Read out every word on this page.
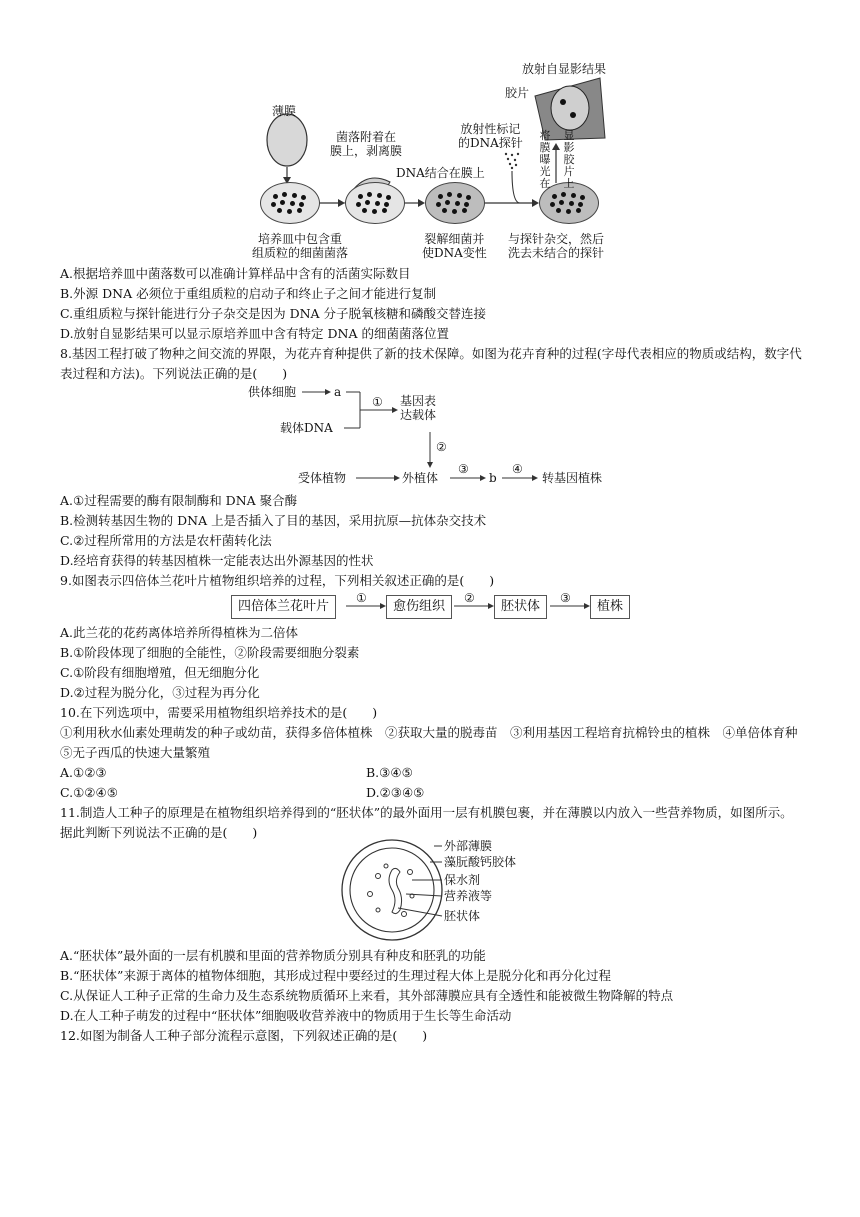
薄膜
菌落附着在
膜上，剥离膜
放射性标记
的DNA探针
DNA结合在膜上
放射自显影结果
胶片
将膜曝光在
显影胶片上
培养皿中包含重
组质粒的细菌菌落
裂解细菌并
使DNA变性
与探针杂交，然后
洗去未结合的探针
A.根据培养皿中菌落数可以准确计算样品中含有的活菌实际数目
B.外源 DNA 必须位于重组质粒的启动子和终止子之间才能进行复制
C.重组质粒与探针能进行分子杂交是因为 DNA 分子脱氧核糖和磷酸交替连接
D.放射自显影结果可以显示原培养皿中含有特定 DNA 的细菌菌落位置
8.基因工程打破了物种之间交流的界限，为花卉育种提供了新的技术保障。如图为花卉育种的过程(字母代表相应的物质或结构，数字代表过程和方法)。下列说法正确的是(　　)
供体细胞	a
载体DNA
① 基因表
达载体
②
受体植物	外植体
③
b
④
转基因植株
A.①过程需要的酶有限制酶和 DNA 聚合酶
B.检测转基因生物的 DNA 上是否插入了目的基因，采用抗原—抗体杂交技术
C.②过程所常用的方法是农杆菌转化法
D.经培育获得的转基因植株一定能表达出外源基因的性状
9.如图表示四倍体兰花叶片植物组织培养的过程，下列相关叙述正确的是(　　)
四倍体兰花叶片
①
愈伤组织
②
胚状体
③
植株
A.此兰花的花药离体培养所得植株为二倍体
B.①阶段体现了细胞的全能性，②阶段需要细胞分裂素
C.①阶段有细胞增殖，但无细胞分化
D.②过程为脱分化，③过程为再分化
10.在下列选项中，需要采用植物组织培养技术的是(　　)
①利用秋水仙素处理萌发的种子或幼苗，获得多倍体植株　②获取大量的脱毒苗　③利用基因工程培育抗棉铃虫的植株　④单倍体育种　⑤无子西瓜的快速大量繁殖
A.①②③	B.③④⑤
C.①②④⑤	D.②③④⑤
11.制造人工种子的原理是在植物组织培养得到的“胚状体”的最外面用一层有机膜包裹，并在薄膜以内放入一些营养物质，如图所示。据此判断下列说法不正确的是(　　)
外部薄膜
藻朊酸钙胶体
保水剂
营养液等
胚状体
A.“胚状体”最外面的一层有机膜和里面的营养物质分别具有种皮和胚乳的功能
B.“胚状体”来源于离体的植物体细胞，其形成过程中要经过的生理过程大体上是脱分化和再分化过程
C.从保证人工种子正常的生命力及生态系统物质循环上来看，其外部薄膜应具有全透性和能被微生物降解的特点
D.在人工种子萌发的过程中“胚状体”细胞吸收营养液中的物质用于生长等生命活动
12.如图为制备人工种子部分流程示意图，下列叙述正确的是(　　)
